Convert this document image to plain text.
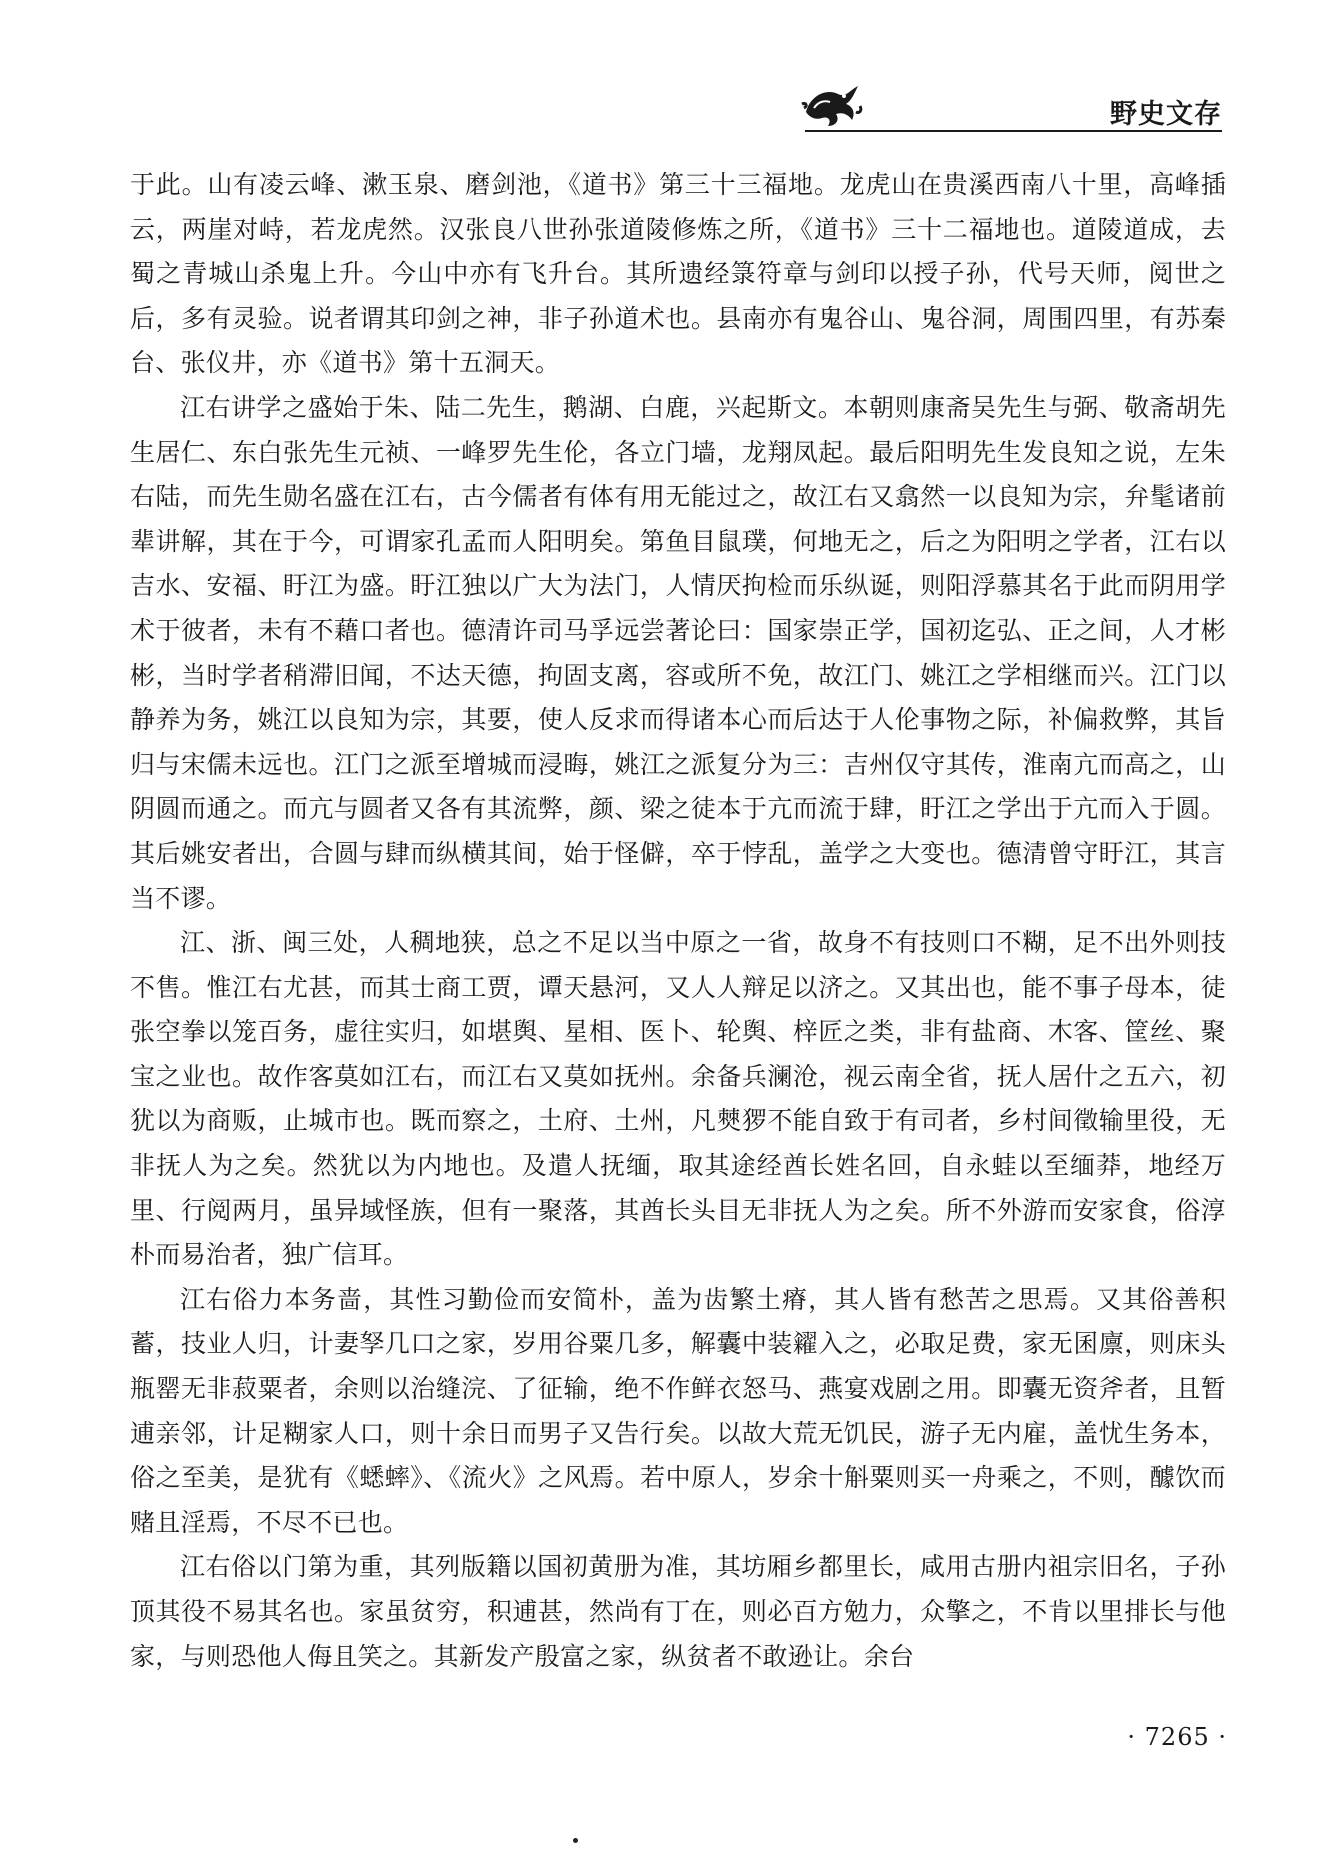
野史文存

于此。山有凌云峰、漱玉泉、磨剑池，《道书》第三十三福地。龙虎山在贵溪西南八十里，高峰插云，两崖对峙，若龙虎然。汉张良八世孙张道陵修炼之所，《道书》三十二福地也。道陵道成，去蜀之青城山杀鬼上升。今山中亦有飞升台。其所遗经箓符章与剑印以授子孙，代号天师，阅世之后，多有灵验。说者谓其印剑之神，非子孙道术也。县南亦有鬼谷山、鬼谷洞，周围四里，有苏秦台、张仪井，亦《道书》第十五洞天。

江右讲学之盛始于朱、陆二先生，鹅湖、白鹿，兴起斯文。本朝则康斋吴先生与弼、敬斋胡先生居仁、东白张先生元祯、一峰罗先生伦，各立门墙，龙翔凤起。最后阳明先生发良知之说，左朱右陆，而先生勋名盛在江右，古今儒者有体有用无能过之，故江右又翕然一以良知为宗，弁髦诸前辈讲解，其在于今，可谓家孔孟而人阳明矣。第鱼目鼠璞，何地无之，后之为阳明之学者，江右以吉水、安福、盱江为盛。盱江独以广大为法门，人情厌拘检而乐纵诞，则阳浮慕其名于此而阴用学术于彼者，未有不藉口者也。德清许司马孚远尝著论曰：国家崇正学，国初迄弘、正之间，人才彬彬，当时学者稍滞旧闻，不达天德，拘固支离，容或所不免，故江门、姚江之学相继而兴。江门以静养为务，姚江以良知为宗，其要，使人反求而得诸本心而后达于人伦事物之际，补偏救弊，其旨归与宋儒未远也。江门之派至增城而浸晦，姚江之派复分为三：吉州仅守其传，淮南亢而高之，山阴圆而通之。而亢与圆者又各有其流弊，颜、梁之徒本于亢而流于肆，盱江之学出于亢而入于圆。其后姚安者出，合圆与肆而纵横其间，始于怪僻，卒于悖乱，盖学之大变也。德清曾守盱江，其言当不谬。

江、浙、闽三处，人稠地狭，总之不足以当中原之一省，故身不有技则口不糊，足不出外则技不售。惟江右尤甚，而其士商工贾，谭天悬河，又人人辩足以济之。又其出也，能不事子母本，徒张空拳以笼百务，虚往实归，如堪舆、星相、医卜、轮舆、梓匠之类，非有盐商、木客、筐丝、聚宝之业也。故作客莫如江右，而江右又莫如抚州。余备兵澜沧，视云南全省，抚人居什之五六，初犹以为商贩，止城市也。既而察之，土府、土州，凡僰猡不能自致于有司者，乡村间徵输里役，无非抚人为之矣。然犹以为内地也。及遣人抚缅，取其途经酋长姓名回，自永蛙以至缅莽，地经万里、行阅两月，虽异域怪族，但有一聚落，其酋长头目无非抚人为之矣。所不外游而安家食，俗淳朴而易治者，独广信耳。

江右俗力本务啬，其性习勤俭而安简朴，盖为齿繁土瘠，其人皆有愁苦之思焉。又其俗善积蓄，技业人归，计妻孥几口之家，岁用谷粟几多，解囊中装糴入之，必取足费，家无囷廪，则床头瓶罂无非菽粟者，余则以治缝浣、了征输，绝不作鲜衣怒马、燕宴戏剧之用。即囊无资斧者，且暂逋亲邻，计足糊家人口，则十余日而男子又告行矣。以故大荒无饥民，游子无内雇，盖忧生务本，俗之至美，是犹有《蟋蟀》、《流火》之风焉。若中原人，岁余十斛粟则买一舟乘之，不则，醵饮而赌且淫焉，不尽不已也。

江右俗以门第为重，其列版籍以国初黄册为准，其坊厢乡都里长，咸用古册内祖宗旧名，子孙顶其役不易其名也。家虽贫穷，积逋甚，然尚有丁在，则必百方勉力，众擎之，不肯以里排长与他家，与则恐他人侮且笑之。其新发产殷富之家，纵贫者不敢逊让。余台

· 7265 ·
